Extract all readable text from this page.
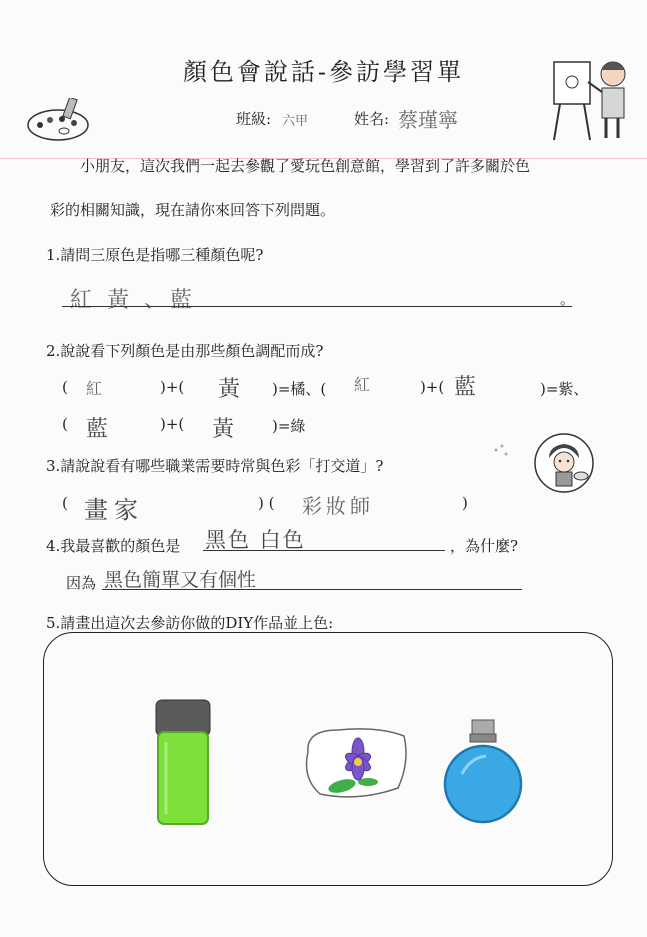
顏色會說話-參訪學習單
班級: 六甲	姓名: 蔡瑾寧
小朋友，這次我們一起去參觀了愛玩色創意館，學習到了許多關於色
彩的相關知識，現在請你來回答下列問題。
1.請問三原色是指哪三種顏色呢?
紅 黃 、藍	。
2.說說看下列顏色是由那些顏色調配而成?
( 紅	)+( 黃 )=橘、( 紅	)+( 藍	)=紫、
( 藍	)+( 黃	)=綠
3.請說說看有哪些職業需要時常與色彩「打交道」?
( 畫家	) ( 彩妝師	)
4.我最喜歡的顏色是 黑色 白色	，為什麼?
因為 黑色簡單又有個性
5.請畫出這次去參訪你做的DIY作品並上色:
